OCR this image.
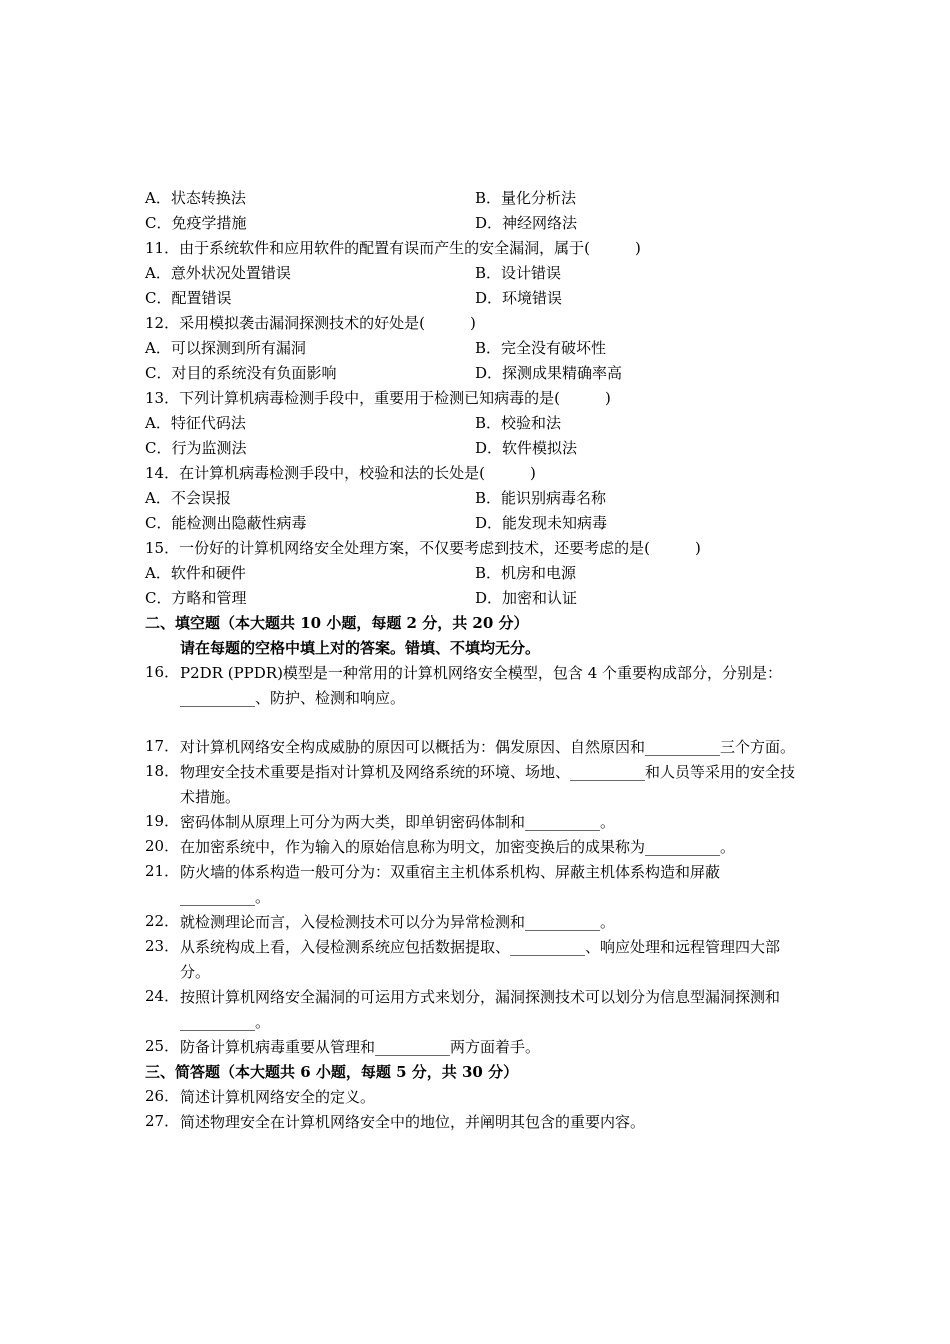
A．状态转换法	B．量化分析法
C．免疫学措施	D．神经网络法
11．由于系统软件和应用软件的配置有误而产生的安全漏洞，属于(　　　)
A．意外状况处置错误	B．设计错误
C．配置错误	D．环境错误
12．采用模拟袭击漏洞探测技术的好处是(　　　)
A．可以探测到所有漏洞	B．完全没有破坏性
C．对目的系统没有负面影响	D．探测成果精确率高
13．下列计算机病毒检测手段中，重要用于检测已知病毒的是(　　　)
A．特征代码法	B．校验和法
C．行为监测法	D．软件模拟法
14．在计算机病毒检测手段中，校验和法的长处是(　　　)
A．不会误报	B．能识别病毒名称
C．能检测出隐蔽性病毒	D．能发现未知病毒
15．一份好的计算机网络安全处理方案，不仅要考虑到技术，还要考虑的是(　　　)
A．软件和硬件	B．机房和电源
C．方略和管理	D．加密和认证
二、填空题（本大题共 10 小题，每题 2 分，共 20 分）
请在每题的空格中填上对的答案。错填、不填均无分。
16． P2DR (PPDR)模型是一种常用的计算机网络安全模型，包含 4 个重要构成部分，分别是：__________、防护、检测和响应。
17． 对计算机网络安全构成威胁的原因可以概括为：偶发原因、自然原因和__________三个方面。
18． 物理安全技术重要是指对计算机及网络系统的环境、场地、__________和人员等采用的安全技术措施。
19． 密码体制从原理上可分为两大类，即单钥密码体制和__________。
20． 在加密系统中，作为输入的原始信息称为明文，加密变换后的成果称为__________。
21． 防火墙的体系构造一般可分为：双重宿主主机体系机构、屏蔽主机体系构造和屏蔽__________。
22． 就检测理论而言，入侵检测技术可以分为异常检测和__________。
23． 从系统构成上看，入侵检测系统应包括数据提取、__________、响应处理和远程管理四大部分。
24． 按照计算机网络安全漏洞的可运用方式来划分，漏洞探测技术可以划分为信息型漏洞探测和__________。
25． 防备计算机病毒重要从管理和__________两方面着手。
三、简答题（本大题共 6 小题，每题 5 分，共 30 分）
26． 简述计算机网络安全的定义。
27． 简述物理安全在计算机网络安全中的地位，并阐明其包含的重要内容。
